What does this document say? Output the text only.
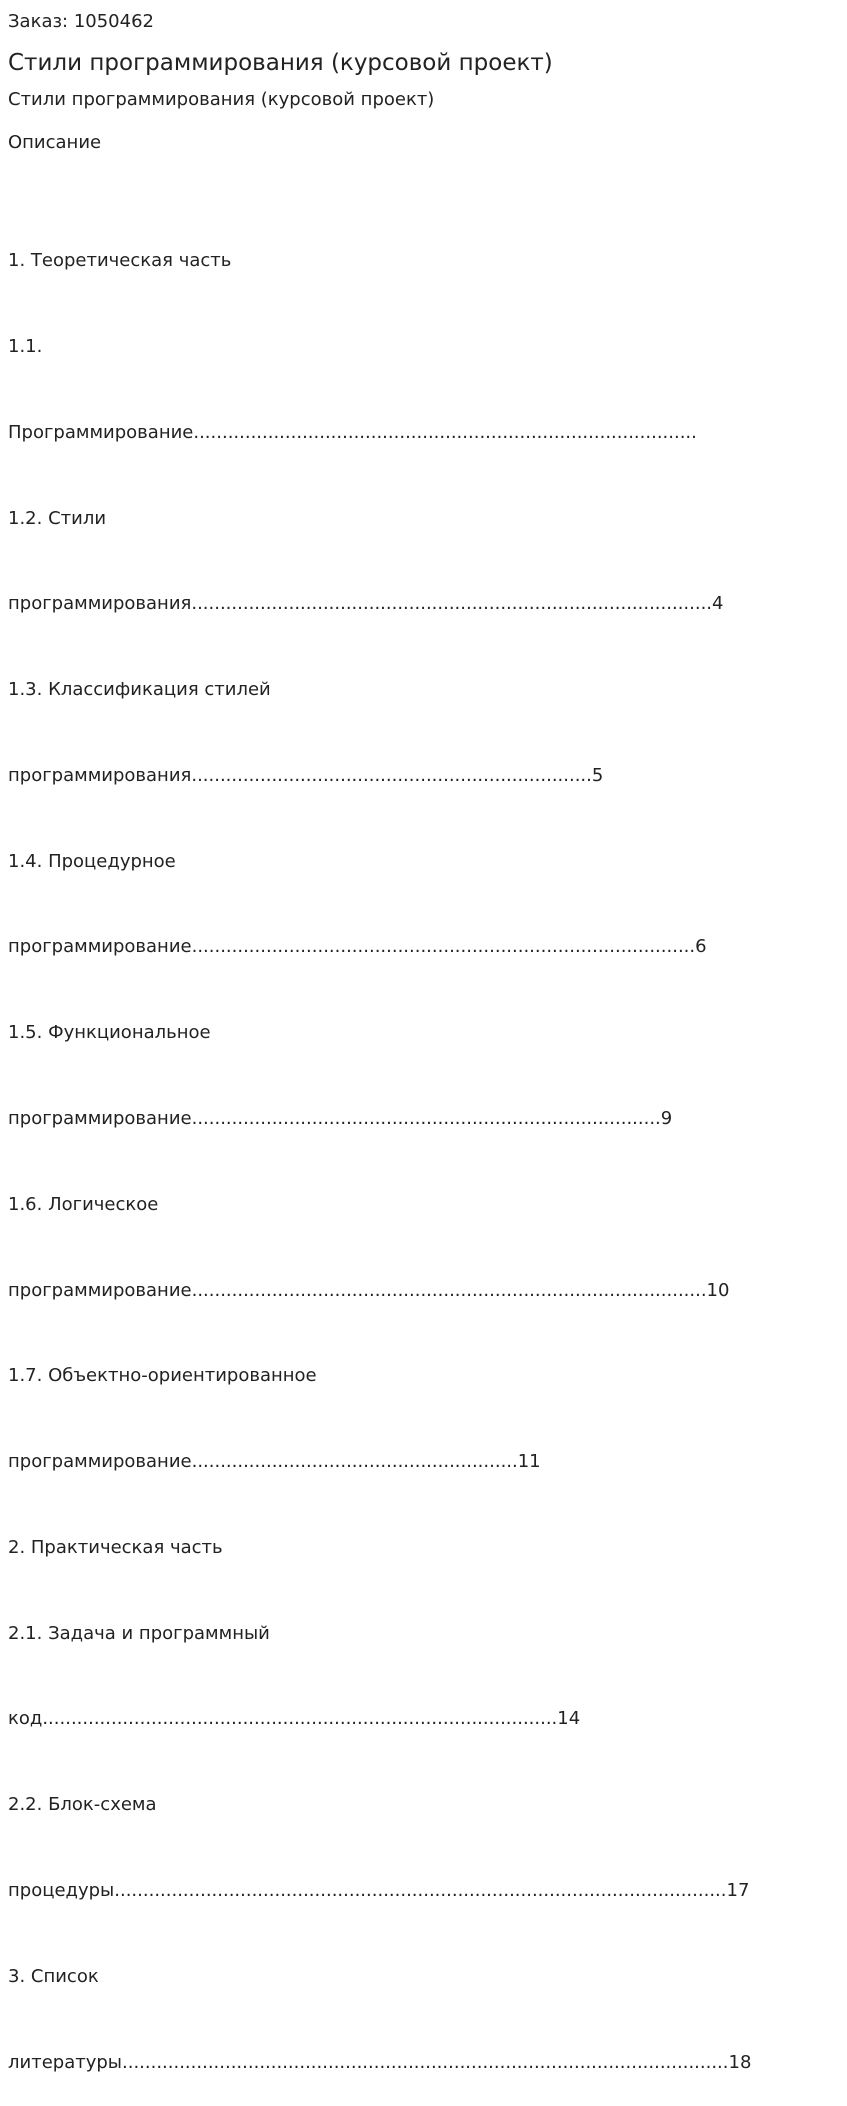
Заказ: 1050462
Стили программирования (курсовой проект)
Стили программирования (курсовой проект)
Описание

1. Теоретическая часть

1.1.

Программирование........................................................................................

1.2. Стили

программирования...........................................................................................4

1.3. Классификация стилей

программирования......................................................................5

1.4. Процедурное

программирование........................................................................................6

1.5. Функциональное

программирование..................................................................................9

1.6. Логическое

программирование..........................................................................................10

1.7. Объектно-ориентированное

программирование.........................................................11

2. Практическая часть

2.1. Задача и программный

код..........................................................................................14

2.2. Блок-схема

процедуры...........................................................................................................17

3. Список

литературы..........................................................................................................18
